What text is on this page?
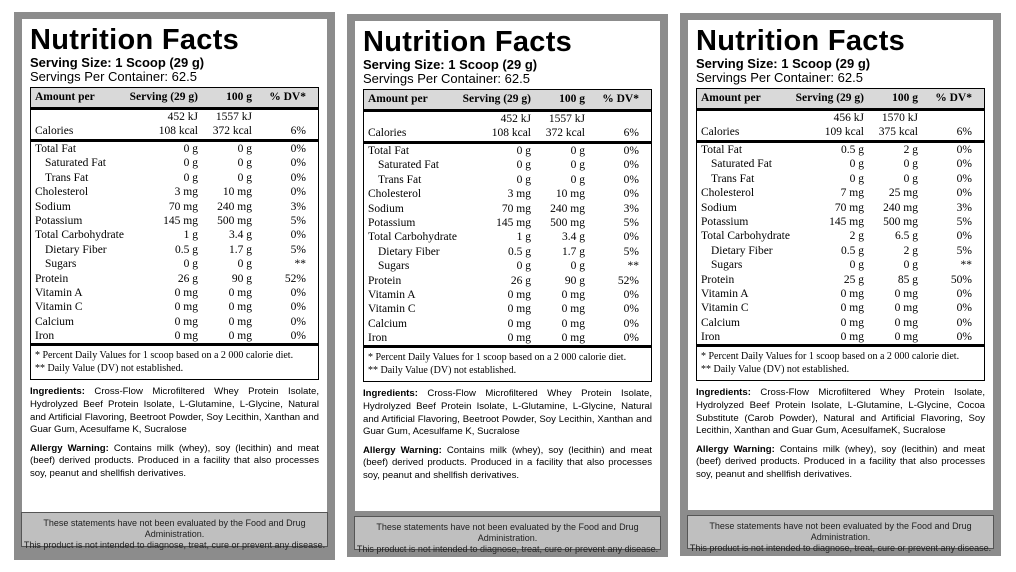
Nutrition Facts
Serving Size: 1 Scoop (29 g)
Servings Per Container: 62.5
Amount per	Serving (29 g) 100 g % DV*
452 kJ 1557 kJ
Calories	108 kcal 372 kcal	6%
Total Fat	0 g	0 g	0%
Saturated Fat	0 g	0 g	0%
Trans Fat	0 g	0 g	0%
Cholesterol	3 mg 10 mg	0%
Sodium	70 mg 240 mg	3%
Potassium	145 mg 500 mg	5%
Total Carbohydrate	1 g	3.4 g	0%
Dietary Fiber	0.5 g	1.7 g	5%
Sugars	0 g	0 g	**
Protein	26 g	90 g	52%
Vitamin A	0 mg	0 mg	0%
Vitamin C	0 mg	0 mg	0%
Calcium	0 mg	0 mg	0%
Iron	0 mg	0 mg	0%
* Percent Daily Values for 1 scoop based on a 2 000 calorie diet.
** Daily Value (DV) not established.
Ingredients: Cross-Flow Microfiltered Whey Protein Isolate, Hydrolyzed Beef Protein Isolate, L-Glutamine, L-Glycine, Natural and Artificial Flavoring, Beetroot Powder, Soy Lecithin, Xanthan and Guar Gum, Acesulfame K, Sucralose
Allergy Warning: Contains milk (whey), soy (lecithin) and meat (beef) derived products. Produced in a facility that also processes soy, peanut and shellfish derivatives.
These statements have not been evaluated by the Food and Drug Administration.
This product is not intended to diagnose, treat, cure or prevent any disease.
Nutrition Facts
Serving Size: 1 Scoop (29 g)
Servings Per Container: 62.5
Amount per	Serving (29 g) 100 g % DV*
452 kJ 1557 kJ
Calories	108 kcal 372 kcal	6%
Total Fat	0 g	0 g	0%
Saturated Fat	0 g	0 g	0%
Trans Fat	0 g	0 g	0%
Cholesterol	3 mg 10 mg	0%
Sodium	70 mg 240 mg	3%
Potassium	145 mg 500 mg	5%
Total Carbohydrate	1 g	3.4 g	0%
Dietary Fiber	0.5 g	1.7 g	5%
Sugars	0 g	0 g	**
Protein	26 g	90 g	52%
Vitamin A	0 mg	0 mg	0%
Vitamin C	0 mg	0 mg	0%
Calcium	0 mg	0 mg	0%
Iron	0 mg	0 mg	0%
* Percent Daily Values for 1 scoop based on a 2 000 calorie diet.
** Daily Value (DV) not established.
Ingredients: Cross-Flow Microfiltered Whey Protein Isolate, Hydrolyzed Beef Protein Isolate, L-Glutamine, L-Glycine, Natural and Artificial Flavoring, Beetroot Powder, Soy Lecithin, Xanthan and Guar Gum, Acesulfame K, Sucralose
Allergy Warning: Contains milk (whey), soy (lecithin) and meat (beef) derived products. Produced in a facility that also processes soy, peanut and shellfish derivatives.
These statements have not been evaluated by the Food and Drug Administration.
This product is not intended to diagnose, treat, cure or prevent any disease.
Nutrition Facts
Serving Size: 1 Scoop (29 g)
Servings Per Container: 62.5
Amount per	Serving (29 g) 100 g % DV*
456 kJ 1570 kJ
Calories	109 kcal 375 kcal	6%
Total Fat	0.5 g	2 g	0%
Saturated Fat	0 g	0 g	0%
Trans Fat	0 g	0 g	0%
Cholesterol	7 mg 25 mg	0%
Sodium	70 mg 240 mg	3%
Potassium	145 mg 500 mg	5%
Total Carbohydrate	2 g	6.5 g	0%
Dietary Fiber	0.5 g	2 g	5%
Sugars	0 g	0 g	**
Protein	25 g	85 g	50%
Vitamin A	0 mg	0 mg	0%
Vitamin C	0 mg	0 mg	0%
Calcium	0 mg	0 mg	0%
Iron	0 mg	0 mg	0%
* Percent Daily Values for 1 scoop based on a 2 000 calorie diet.
** Daily Value (DV) not established.
Ingredients: Cross-Flow Microfiltered Whey Protein Isolate, Hydrolyzed Beef Protein Isolate, L-Glutamine, L-Glycine, Cocoa Substitute (Carob Powder), Natural and Artificial Flavoring, Soy Lecithin, Xanthan and Guar Gum, AcesulfameK, Sucralose
Allergy Warning: Contains milk (whey), soy (lecithin) and meat (beef) derived products. Produced in a facility that also processes soy, peanut and shellfish derivatives.
These statements have not been evaluated by the Food and Drug Administration.
This product is not intended to diagnose, treat, cure or prevent any disease.
